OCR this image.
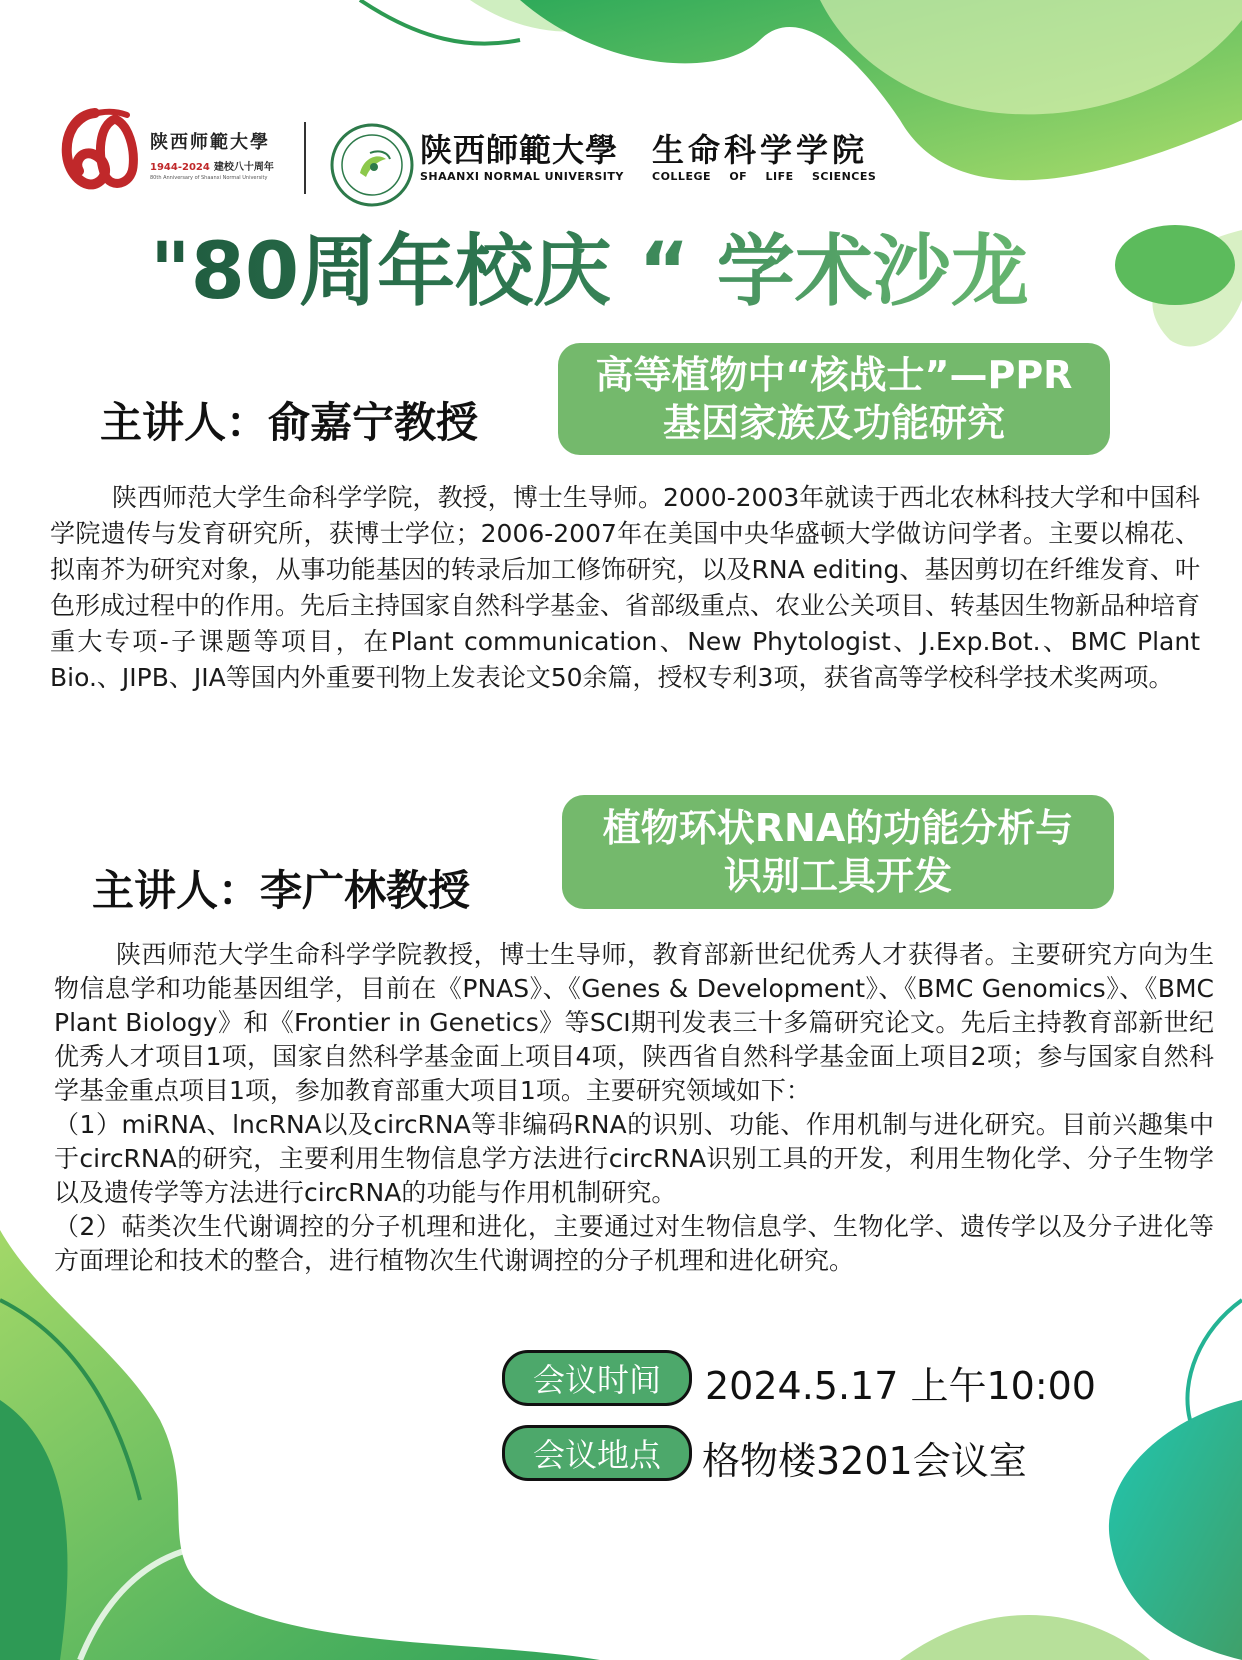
陕西师範大學
1944-2024 建校八十周年
80th Anniversary of Shaanxi Normal University
陕西師範大學
SHAANXI NORMAL UNIVERSITY
生命科学学院
COLLEGE OF LIFE SCIENCES
"80周年校庆 “ 学术沙龙
主讲人：俞嘉宁教授
高等植物中“核战士”—PPR
基因家族及功能研究

陕西师范大学生命科学学院，教授，博士生导师。2000-2003年就读于西北农林科技大学和中国科学院遗传与发育研究所，获博士学位；2006-2007年在美国中央华盛顿大学做访问学者。主要以棉花、拟南芥为研究对象，从事功能基因的转录后加工修饰研究，以及RNA editing、基因剪切在纤维发育、叶色形成过程中的作用。先后主持国家自然科学基金、省部级重点、农业公关项目、转基因生物新品种培育重大专项-子课题等项目，在Plant communication、New Phytologist、J.Exp.Bot.、BMC Plant Bio.、JIPB、JIA等国内外重要刊物上发表论文50余篇，授权专利3项，获省高等学校科学技术奖两项。

主讲人：李广林教授
植物环状RNA的功能分析与
识别工具开发

陕西师范大学生命科学学院教授，博士生导师，教育部新世纪优秀人才获得者。主要研究方向为生物信息学和功能基因组学，目前在《PNAS》、《Genes & Development》、《BMC Genomics》、《BMC Plant Biology》和《Frontier in Genetics》等SCI期刊发表三十多篇研究论文。先后主持教育部新世纪优秀人才项目1项，国家自然科学基金面上项目4项，陕西省自然科学基金面上项目2项；参与国家自然科学基金重点项目1项，参加教育部重大项目1项。主要研究领域如下：

（1）miRNA、lncRNA以及circRNA等非编码RNA的识别、功能、作用机制与进化研究。目前兴趣集中于circRNA的研究，主要利用生物信息学方法进行circRNA识别工具的开发，利用生物化学、分子生物学以及遗传学等方法进行circRNA的功能与作用机制研究。

（2）萜类次生代谢调控的分子机理和进化，主要通过对生物信息学、生物化学、遗传学以及分子进化等方面理论和技术的整合，进行植物次生代谢调控的分子机理和进化研究。

会议时间	2024.5.17 上午10:00
会议地点	格物楼3201会议室
